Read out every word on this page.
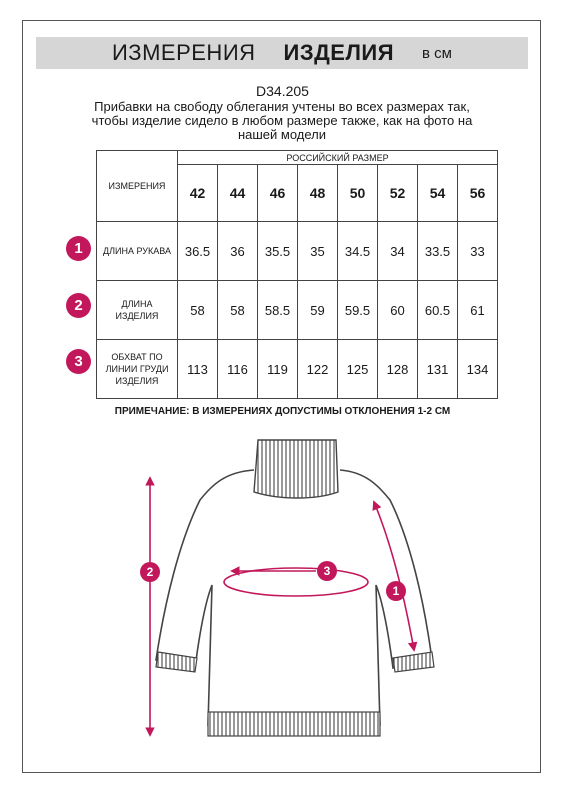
ИЗМЕРЕНИЯ ИЗДЕЛИЯ в см
D34.205
Прибавки на свободу облегания учтены во всех размерах так, чтобы изделие сидело в любом размере также, как на фото на нашей модели
ИЗМЕРЕНИЯ	РОССИЙСКИЙ РАЗМЕР							
	42	44	46	48	50	52	54	56
ДЛИНА РУКАВА	36.5	36	35.5	35	34.5	34	33.5	33

ДЛИНА ИЗДЕЛИЯ	58	58	58.5	59	59.5	60	60.5	61

ОБХВАТ ПО ЛИНИИ ГРУДИ ИЗДЕЛИЯ	113	116	119	122	125	128	131	134
1
2
3
ПРИМЕЧАНИЕ: В ИЗМЕРЕНИЯХ ДОПУСТИМЫ ОТКЛОНЕНИЯ 1-2 СМ
2	3
1
